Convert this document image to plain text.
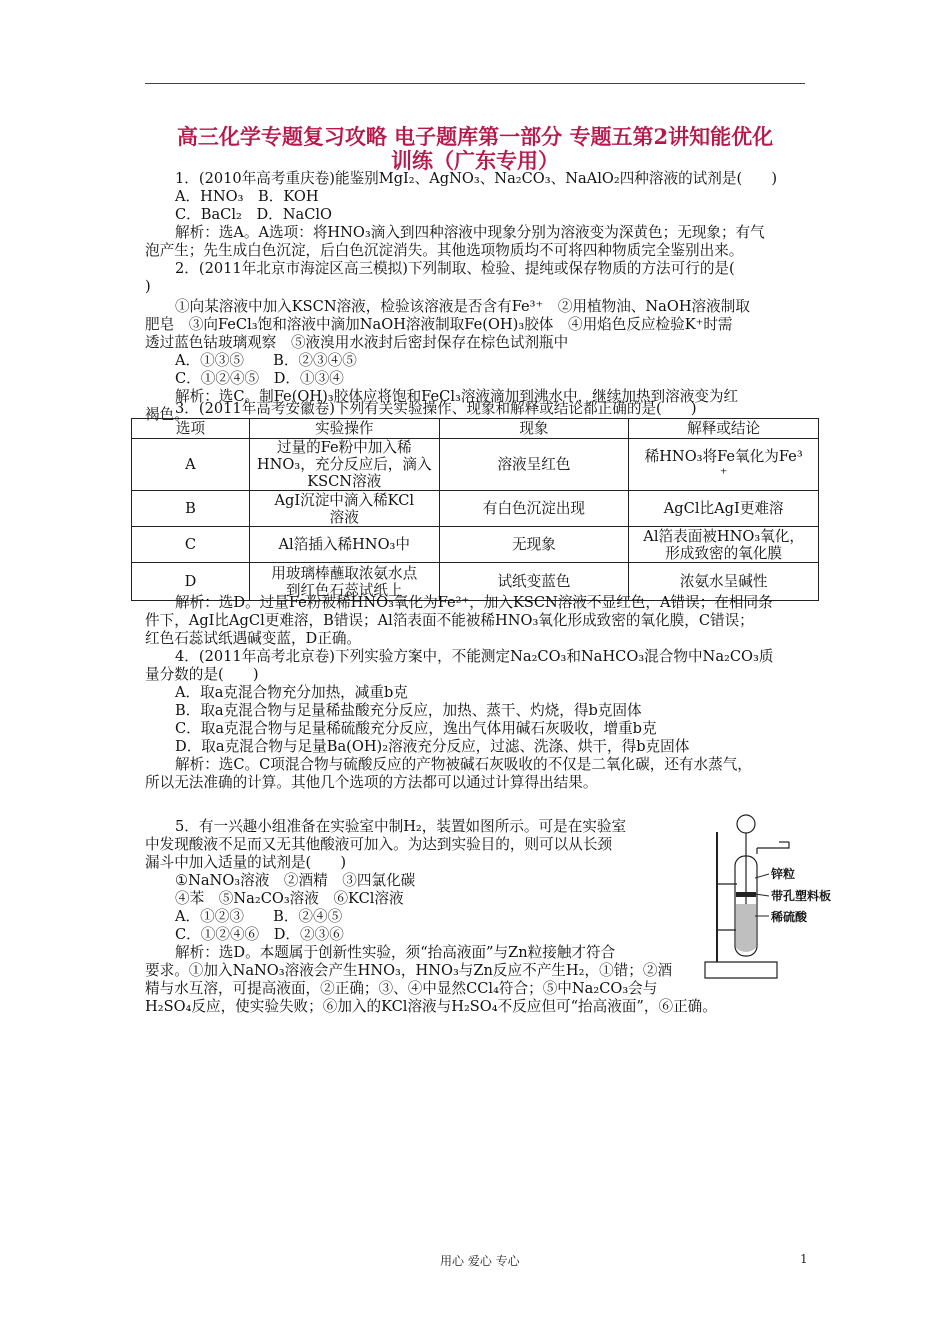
高三化学专题复习攻略 电子题库第一部分 专题五第2讲知能优化
训练（广东专用）
1．(2010年高考重庆卷)能鉴别MgI₂、AgNO₃、Na₂CO₃、NaAlO₂四种溶液的试剂是(　　)
A．HNO₃　B．KOH
C．BaCl₂　D．NaClO
解析：选A。A选项：将HNO₃滴入到四种溶液中现象分别为溶液变为深黄色；无现象；有气
泡产生；先生成白色沉淀，后白色沉淀消失。其他选项物质均不可将四种物质完全鉴别出来。
2．(2011年北京市海淀区高三模拟)下列制取、检验、提纯或保存物质的方法可行的是(
)
①向某溶液中加入KSCN溶液，检验该溶液是否含有Fe³⁺　②用植物油、NaOH溶液制取
肥皂　③向FeCl₃饱和溶液中滴加NaOH溶液制取Fe(OH)₃胶体　④用焰色反应检验K⁺时需
透过蓝色钴玻璃观察　⑤液溴用水液封后密封保存在棕色试剂瓶中
A．①③⑤　　B．②③④⑤
C．①②④⑤　D．①③④
解析：选C。制Fe(OH)₃胶体应将饱和FeCl₃溶液滴加到沸水中，继续加热到溶液变为红
褐色。
3．(2011年高考安徽卷)下列有关实验操作、现象和解释或结论都正确的是(　　)
选项	实验操作	现象	解释或结论
A	过量的Fe粉中加入稀
HNO₃，充分反应后，滴入
KSCN溶液	溶液呈红色	稀HNO₃将Fe氧化为Fe³
⁺
B	AgI沉淀中滴入稀KCl
溶液	有白色沉淀出现	AgCl比AgI更难溶
C	Al箔插入稀HNO₃中	无现象	Al箔表面被HNO₃氧化，
形成致密的氧化膜
D	用玻璃棒蘸取浓氨水点
到红色石蕊试纸上	试纸变蓝色	浓氨水呈碱性
解析：选D。过量Fe粉被稀HNO₃氧化为Fe²⁺，加入KSCN溶液不显红色，A错误；在相同条
件下，AgI比AgCl更难溶，B错误；Al箔表面不能被稀HNO₃氧化形成致密的氧化膜，C错误；
红色石蕊试纸遇碱变蓝，D正确。
4．(2011年高考北京卷)下列实验方案中，不能测定Na₂CO₃和NaHCO₃混合物中Na₂CO₃质
量分数的是(　　)
A．取a克混合物充分加热，减重b克
B．取a克混合物与足量稀盐酸充分反应，加热、蒸干、灼烧，得b克固体
C．取a克混合物与足量稀硫酸充分反应，逸出气体用碱石灰吸收，增重b克
D．取a克混合物与足量Ba(OH)₂溶液充分反应，过滤、洗涤、烘干，得b克固体
解析：选C。C项混合物与硫酸反应的产物被碱石灰吸收的不仅是二氧化碳，还有水蒸气，
所以无法准确的计算。其他几个选项的方法都可以通过计算得出结果。
5．有一兴趣小组准备在实验室中制H₂，装置如图所示。可是在实验室
中发现酸液不足而又无其他酸液可加入。为达到实验目的，则可以从长颈
漏斗中加入适量的试剂是(　　)
①NaNO₃溶液　②酒精　③四氯化碳
④苯　⑤Na₂CO₃溶液　⑥KCl溶液
A．①②③　　B．②④⑤
C．①②④⑥　D．②③⑥
解析：选D。本题属于创新性实验，须“抬高液面”与Zn粒接触才符合
要求。①加入NaNO₃溶液会产生HNO₃，HNO₃与Zn反应不产生H₂，①错；②酒
精与水互溶，可提高液面，②正确；③、④中显然CCl₄符合；⑤中Na₂CO₃会与
H₂SO₄反应，使实验失败；⑥加入的KCl溶液与H₂SO₄不反应但可“抬高液面”，⑥正确。
锌粒
带孔塑料板
稀硫酸
用心 爱心 专心	1
